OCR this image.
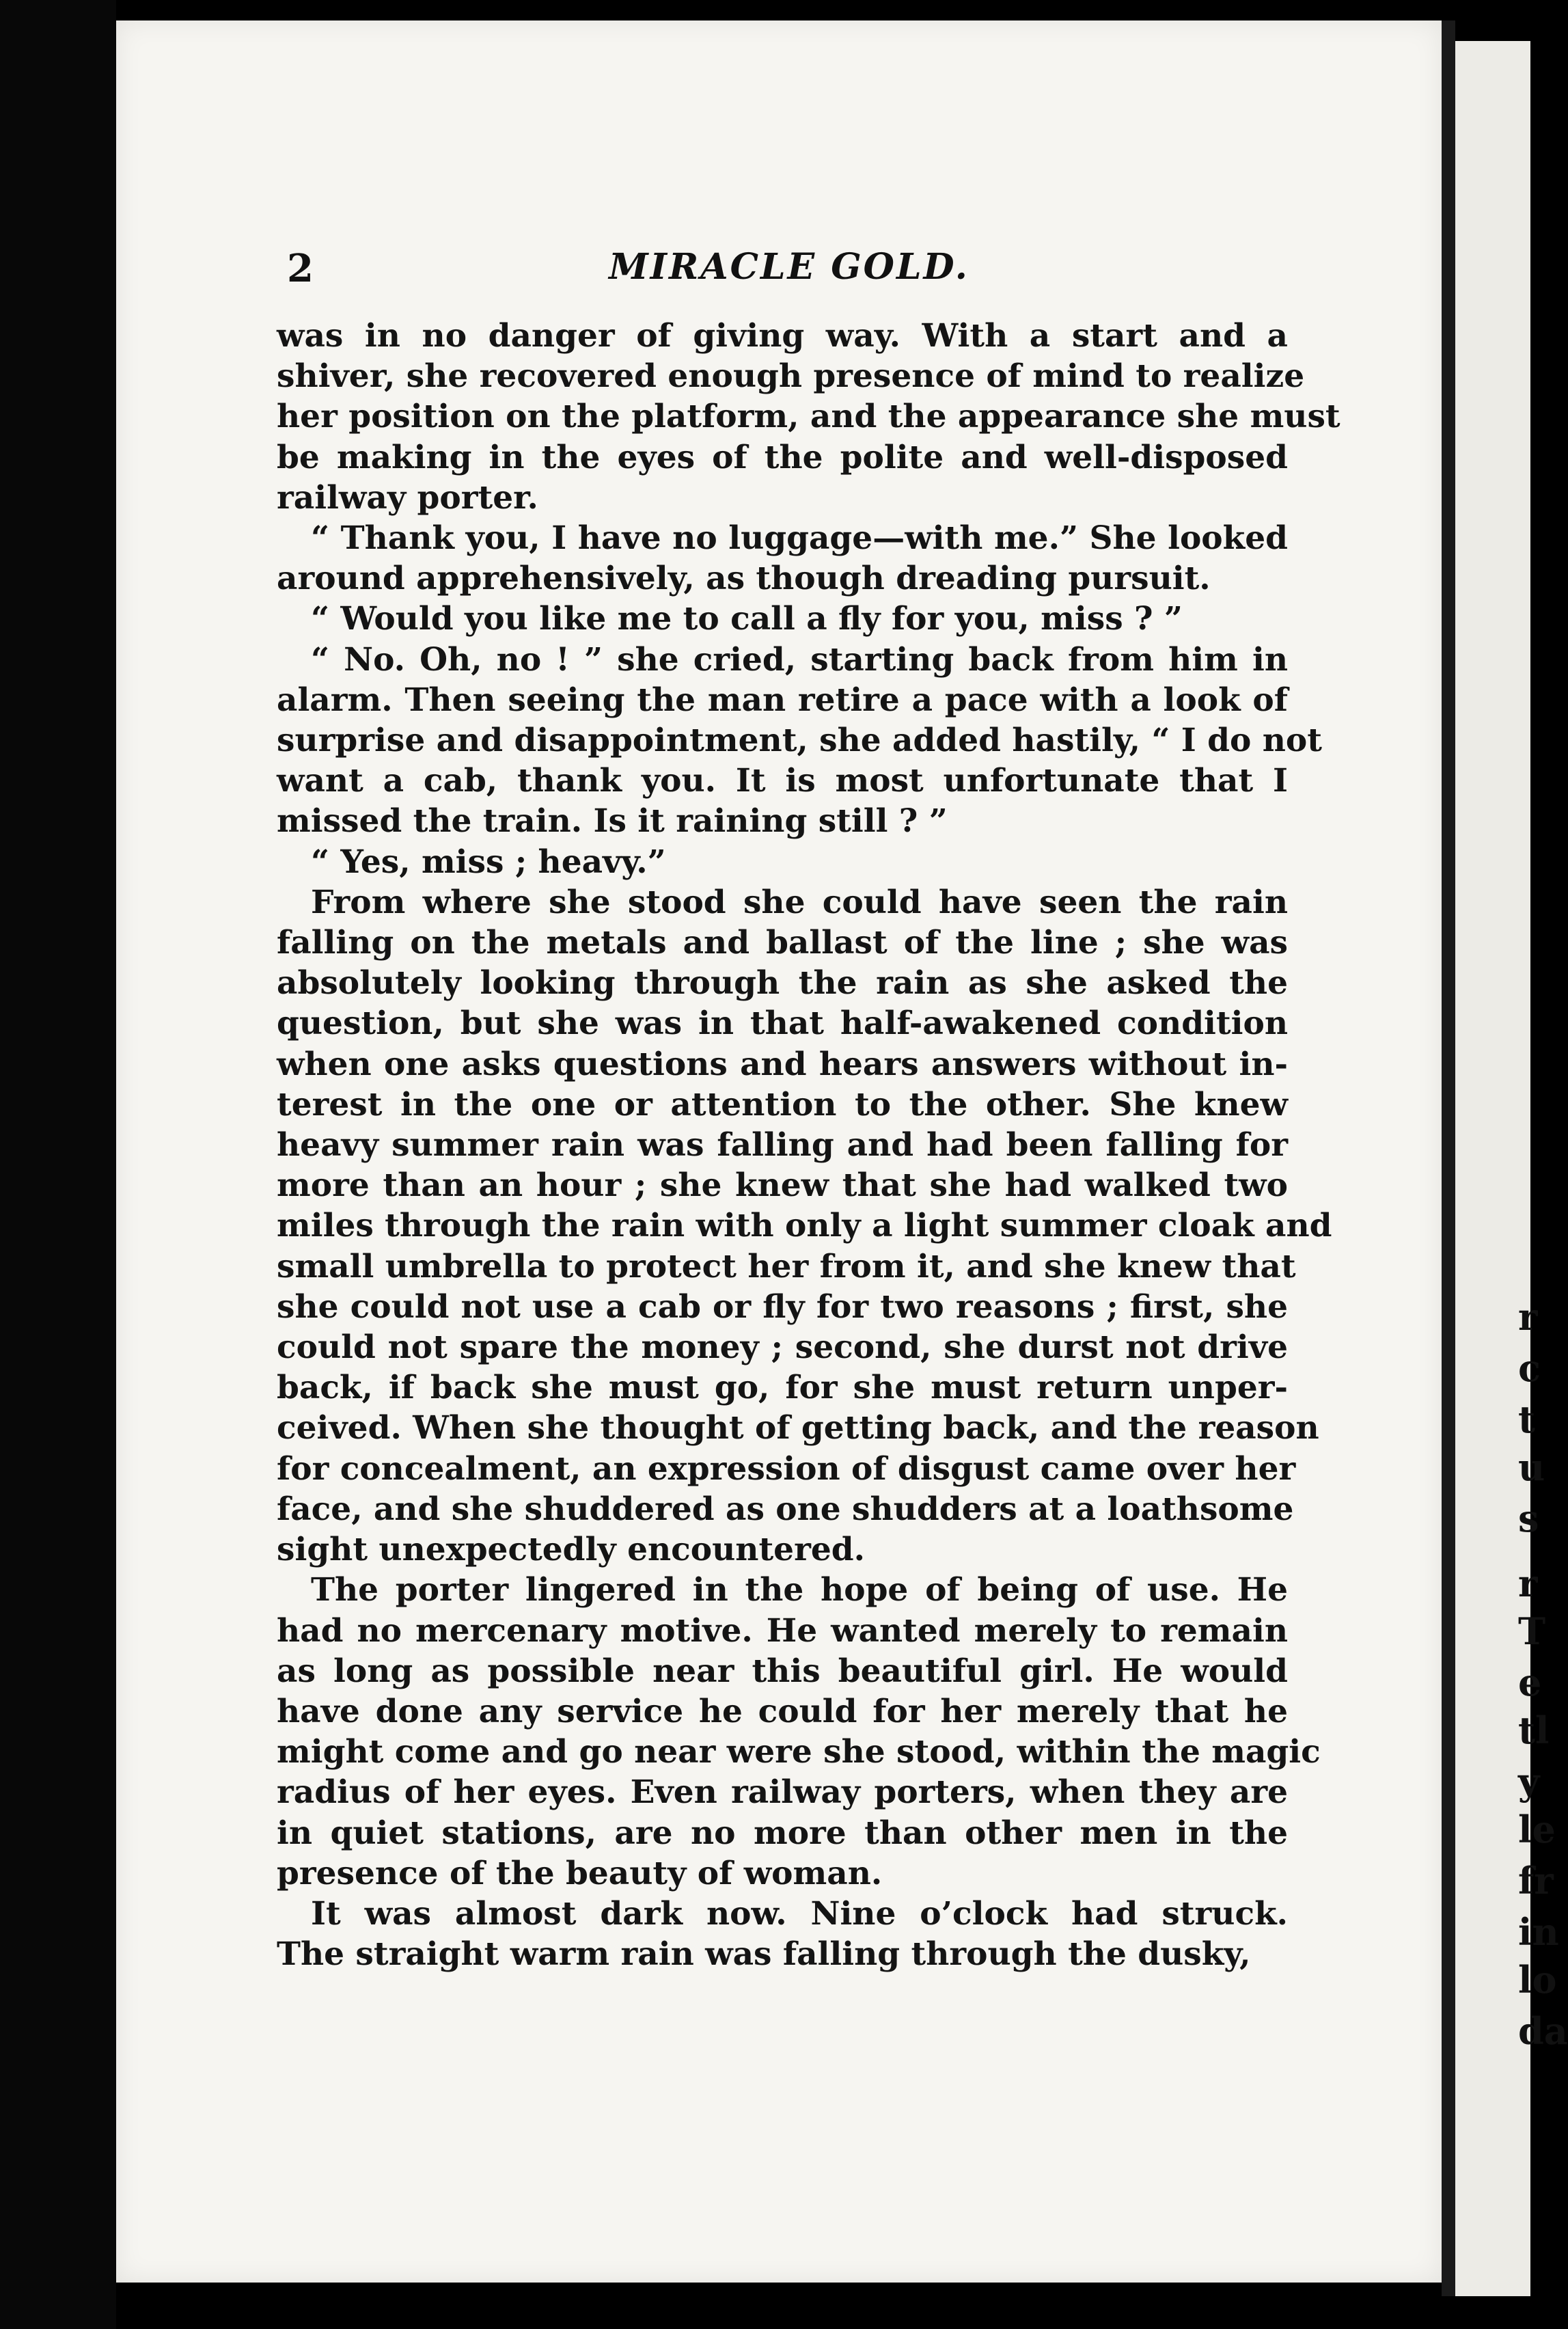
r
c
t
u
s
r
T
e
tl
y
le
fr
in
lo
da
2	MIRACLE GOLD.
was in no danger of giving way. With a start and a
shiver, she recovered enough presence of mind to realize
her position on the platform, and the appearance she must
be making in the eyes of the polite and well-disposed
railway porter.
“ Thank you, I have no luggage—with me.” She looked
around apprehensively, as though dreading pursuit.
“ Would you like me to call a fly for you, miss ? ”
“ No. Oh, no ! ” she cried, starting back from him in
alarm. Then seeing the man retire a pace with a look of
surprise and disappointment, she added hastily, “ I do not
want a cab, thank you. It is most unfortunate that I
missed the train. Is it raining still ? ”
“ Yes, miss ; heavy.”
From where she stood she could have seen the rain
falling on the metals and ballast of the line ; she was
absolutely looking through the rain as she asked the
question, but she was in that half-awakened condition
when one asks questions and hears answers without in-
terest in the one or attention to the other. She knew
heavy summer rain was falling and had been falling for
more than an hour ; she knew that she had walked two
miles through the rain with only a light summer cloak and
small umbrella to protect her from it, and she knew that
she could not use a cab or fly for two reasons ; first, she
could not spare the money ; second, she durst not drive
back, if back she must go, for she must return unper-
ceived. When she thought of getting back, and the reason
for concealment, an expression of disgust came over her
face, and she shuddered as one shudders at a loathsome
sight unexpectedly encountered.
The porter lingered in the hope of being of use. He
had no mercenary motive. He wanted merely to remain
as long as possible near this beautiful girl. He would
have done any service he could for her merely that he
might come and go near were she stood, within the magic
radius of her eyes. Even railway porters, when they are
in quiet stations, are no more than other men in the
presence of the beauty of woman.
It was almost dark now. Nine o’clock had struck.
The straight warm rain was falling through the dusky,
